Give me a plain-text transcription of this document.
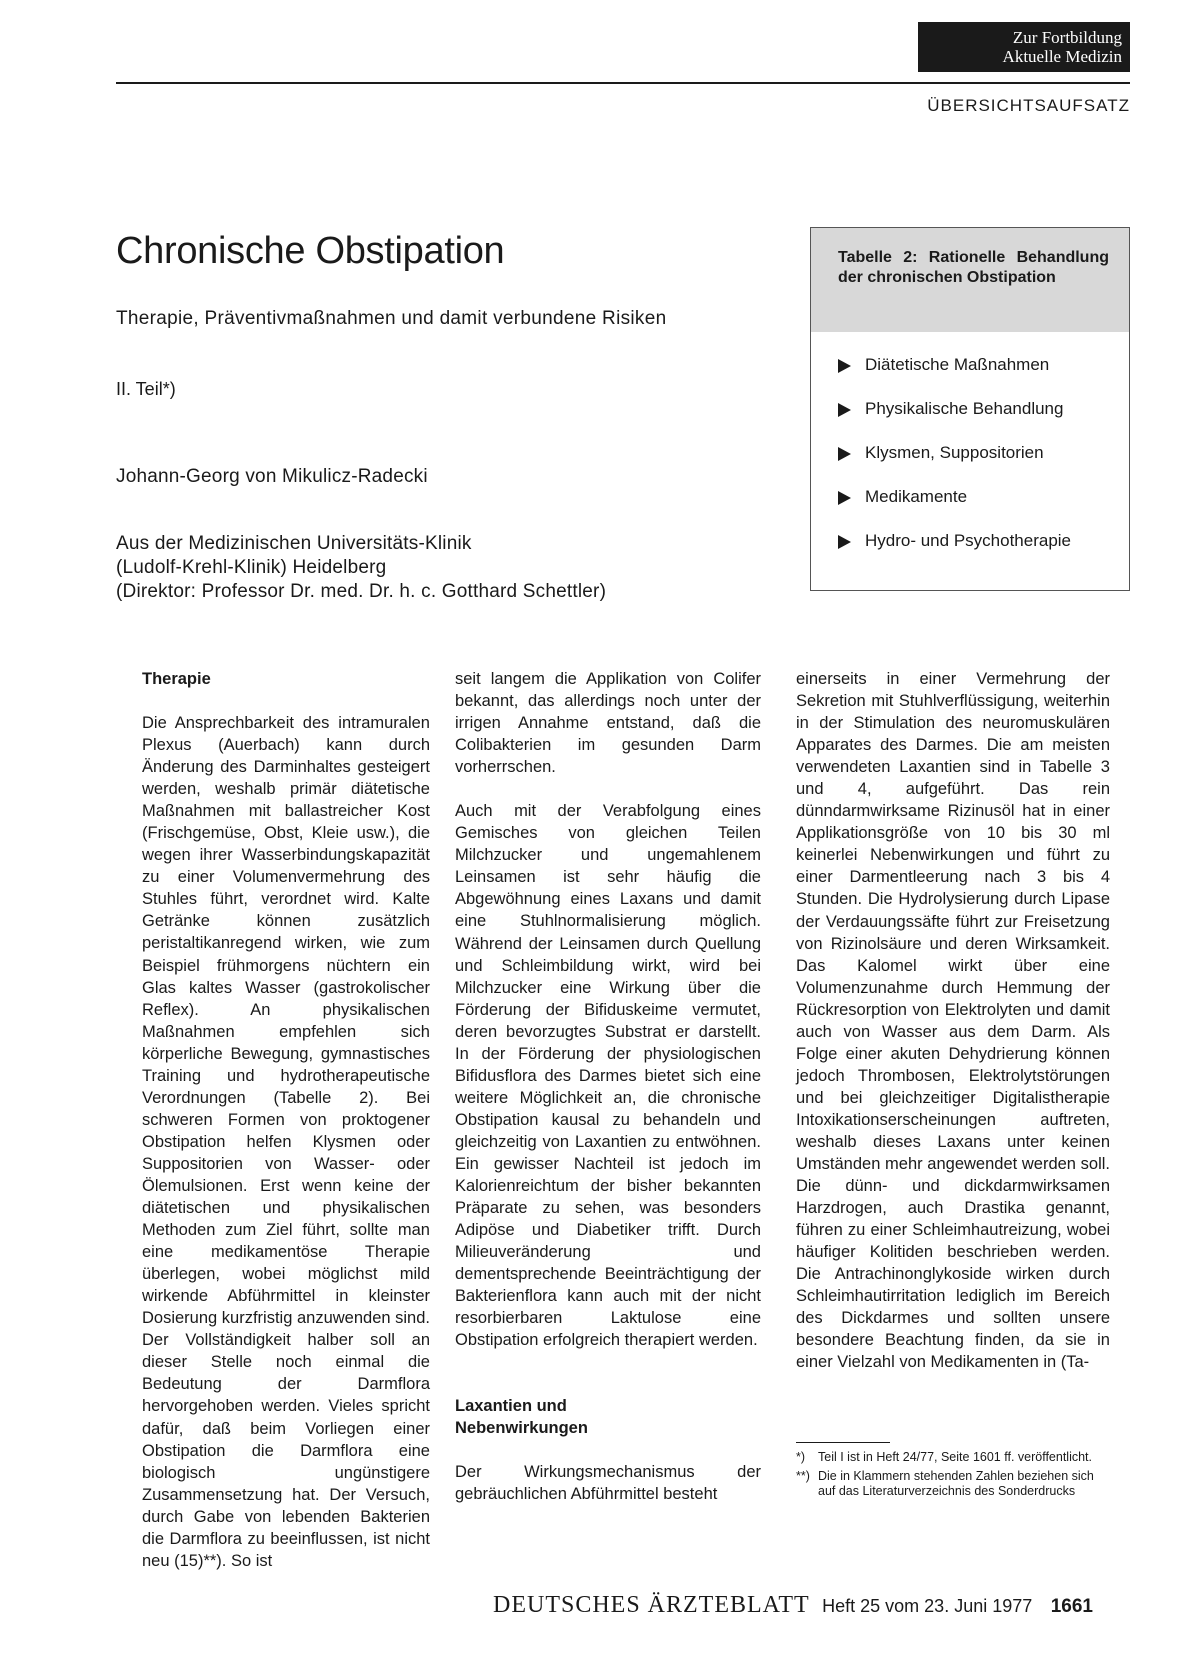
Zur Fortbildung
Aktuelle Medizin
ÜBERSICHTSAUFSATZ
Chronische Obstipation
Therapie, Präventivmaßnahmen und damit verbundene Risiken
II. Teil*)
Johann-Georg von Mikulicz-Radecki
Aus der Medizinischen Universitäts-Klinik
(Ludolf-Krehl-Klinik) Heidelberg
(Direktor: Professor Dr. med. Dr. h. c. Gotthard Schettler)
Tabelle 2: Rationelle Behandlung der chronischen Obstipation
Diätetische Maßnahmen
Physikalische Behandlung
Klysmen, Suppositorien
Medikamente
Hydro- und Psychotherapie
Therapie

Die Ansprechbarkeit des intramuralen Plexus (Auerbach) kann durch Änderung des Darminhaltes gesteigert werden, weshalb primär diätetische Maßnahmen mit ballastreicher Kost (Frischgemüse, Obst, Kleie usw.), die wegen ihrer Wasserbindungskapazität zu einer Volumenvermehrung des Stuhles führt, verordnet wird. Kalte Getränke können zusätzlich peristaltikanregend wirken, wie zum Beispiel frühmorgens nüchtern ein Glas kaltes Wasser (gastrokolischer Reflex). An physikalischen Maßnahmen empfehlen sich körperliche Bewegung, gymnastisches Training und hydrotherapeutische Verordnungen (Tabelle 2). Bei schweren Formen von proktogener Obstipation helfen Klysmen oder Suppositorien von Wasser- oder Ölemulsionen. Erst wenn keine der diätetischen und physikalischen Methoden zum Ziel führt, sollte man eine medikamentöse Therapie überlegen, wobei möglichst mild wirkende Abführmittel in kleinster Dosierung kurzfristig anzuwenden sind. Der Vollständigkeit halber soll an dieser Stelle noch einmal die Bedeutung der Darmflora hervorgehoben werden. Vieles spricht dafür, daß beim Vorliegen einer Obstipation die Darmflora eine biologisch ungünstigere Zusammensetzung hat. Der Versuch, durch Gabe von lebenden Bakterien die Darmflora zu beeinflussen, ist nicht neu (15)**). So ist

seit langem die Applikation von Colifer bekannt, das allerdings noch unter der irrigen Annahme entstand, daß die Colibakterien im gesunden Darm vorherrschen.

Auch mit der Verabfolgung eines Gemisches von gleichen Teilen Milchzucker und ungemahlenem Leinsamen ist sehr häufig die Abgewöhnung eines Laxans und damit eine Stuhlnormalisierung möglich. Während der Leinsamen durch Quellung und Schleimbildung wirkt, wird bei Milchzucker eine Wirkung über die Förderung der Bifiduskeime vermutet, deren bevorzugtes Substrat er darstellt. In der Förderung der physiologischen Bifidusflora des Darmes bietet sich eine weitere Möglichkeit an, die chronische Obstipation kausal zu behandeln und gleichzeitig von Laxantien zu entwöhnen. Ein gewisser Nachteil ist jedoch im Kalorienreichtum der bisher bekannten Präparate zu sehen, was besonders Adipöse und Diabetiker trifft. Durch Milieuveränderung und dementsprechende Beeinträchtigung der Bakterienflora kann auch mit der nicht resorbierbaren Laktulose eine Obstipation erfolgreich therapiert werden.

Laxantien und
Nebenwirkungen

Der Wirkungsmechanismus der gebräuchlichen Abführmittel besteht

einerseits in einer Vermehrung der Sekretion mit Stuhlverflüssigung, weiterhin in der Stimulation des neuromuskulären Apparates des Darmes. Die am meisten verwendeten Laxantien sind in Tabelle 3 und 4, aufgeführt. Das rein dünndarmwirksame Rizinusöl hat in einer Applikationsgröße von 10 bis 30 ml keinerlei Nebenwirkungen und führt zu einer Darmentleerung nach 3 bis 4 Stunden. Die Hydrolysierung durch Lipase der Verdauungssäfte führt zur Freisetzung von Rizinolsäure und deren Wirksamkeit. Das Kalomel wirkt über eine Volumenzunahme durch Hemmung der Rückresorption von Elektrolyten und damit auch von Wasser aus dem Darm. Als Folge einer akuten Dehydrierung können jedoch Thrombosen, Elektrolytstörungen und bei gleichzeitiger Digitalistherapie Intoxikationserscheinungen auftreten, weshalb dieses Laxans unter keinen Umständen mehr angewendet werden soll. Die dünn- und dickdarmwirksamen Harzdrogen, auch Drastika genannt, führen zu einer Schleimhautreizung, wobei häufiger Kolitiden beschrieben werden. Die Antrachinonglykoside wirken durch Schleimhautirritation lediglich im Bereich des Dickdarmes und sollten unsere besondere Beachtung finden, da sie in einer Vielzahl von Medikamenten in (Ta-

*) Teil I ist in Heft 24/77, Seite 1601 ff. veröffentlicht.
**) Die in Klammern stehenden Zahlen beziehen sich auf das Literaturverzeichnis des Sonderdrucks
DEUTSCHES ÄRZTEBLATT Heft 25 vom 23. Juni 1977 1661
